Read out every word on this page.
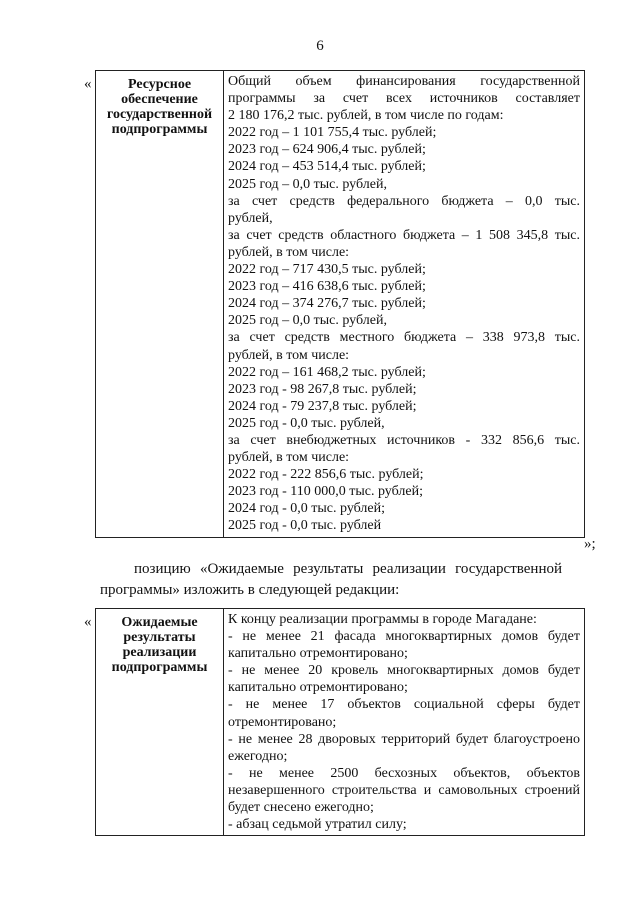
6
«	Ресурсное
обеспечение
государственной
подпрограммы

Общий объем финансирования государственной
программы за счет всех источников составляет
2 180 176,2 тыс. рублей, в том числе по годам:
2022 год – 1 101 755,4 тыс. рублей;
2023 год – 624 906,4 тыс. рублей;
2024 год – 453 514,4 тыс. рублей;
2025 год – 0,0 тыс. рублей,
за счет средств федерального бюджета – 0,0 тыс.
рублей,
за счет средств областного бюджета – 1 508 345,8 тыс.
рублей, в том числе:
2022 год – 717 430,5 тыс. рублей;
2023 год – 416 638,6 тыс. рублей;
2024 год – 374 276,7 тыс. рублей;
2025 год – 0,0 тыс. рублей,
за счет средств местного бюджета – 338 973,8 тыс.
рублей, в том числе:
2022 год – 161 468,2 тыс. рублей;
2023 год - 98 267,8 тыс. рублей;
2024 год - 79 237,8 тыс. рублей;
2025 год - 0,0 тыс. рублей,
за счет внебюджетных источников - 332 856,6 тыс.
рублей, в том числе:
2022 год - 222 856,6 тыс. рублей;
2023 год - 110 000,0 тыс. рублей;
2024 год - 0,0 тыс. рублей;
2025 год - 0,0 тыс. рублей
»;
позицию «Ожидаемые результаты реализации государственной
программы» изложить в следующей редакции:
«	Ожидаемые
результаты
реализации
подпрограммы

К концу реализации программы в городе Магадане:
- не менее 21 фасада многоквартирных домов будет
капитально отремонтировано;
- не менее 20 кровель многоквартирных домов будет
капитально отремонтировано;
- не менее 17 объектов социальной сферы будет
отремонтировано;
- не менее 28 дворовых территорий будет благоустроено
ежегодно;
- не менее 2500 бесхозных объектов, объектов
незавершенного строительства и самовольных строений
будет снесено ежегодно;
- абзац седьмой утратил силу;
